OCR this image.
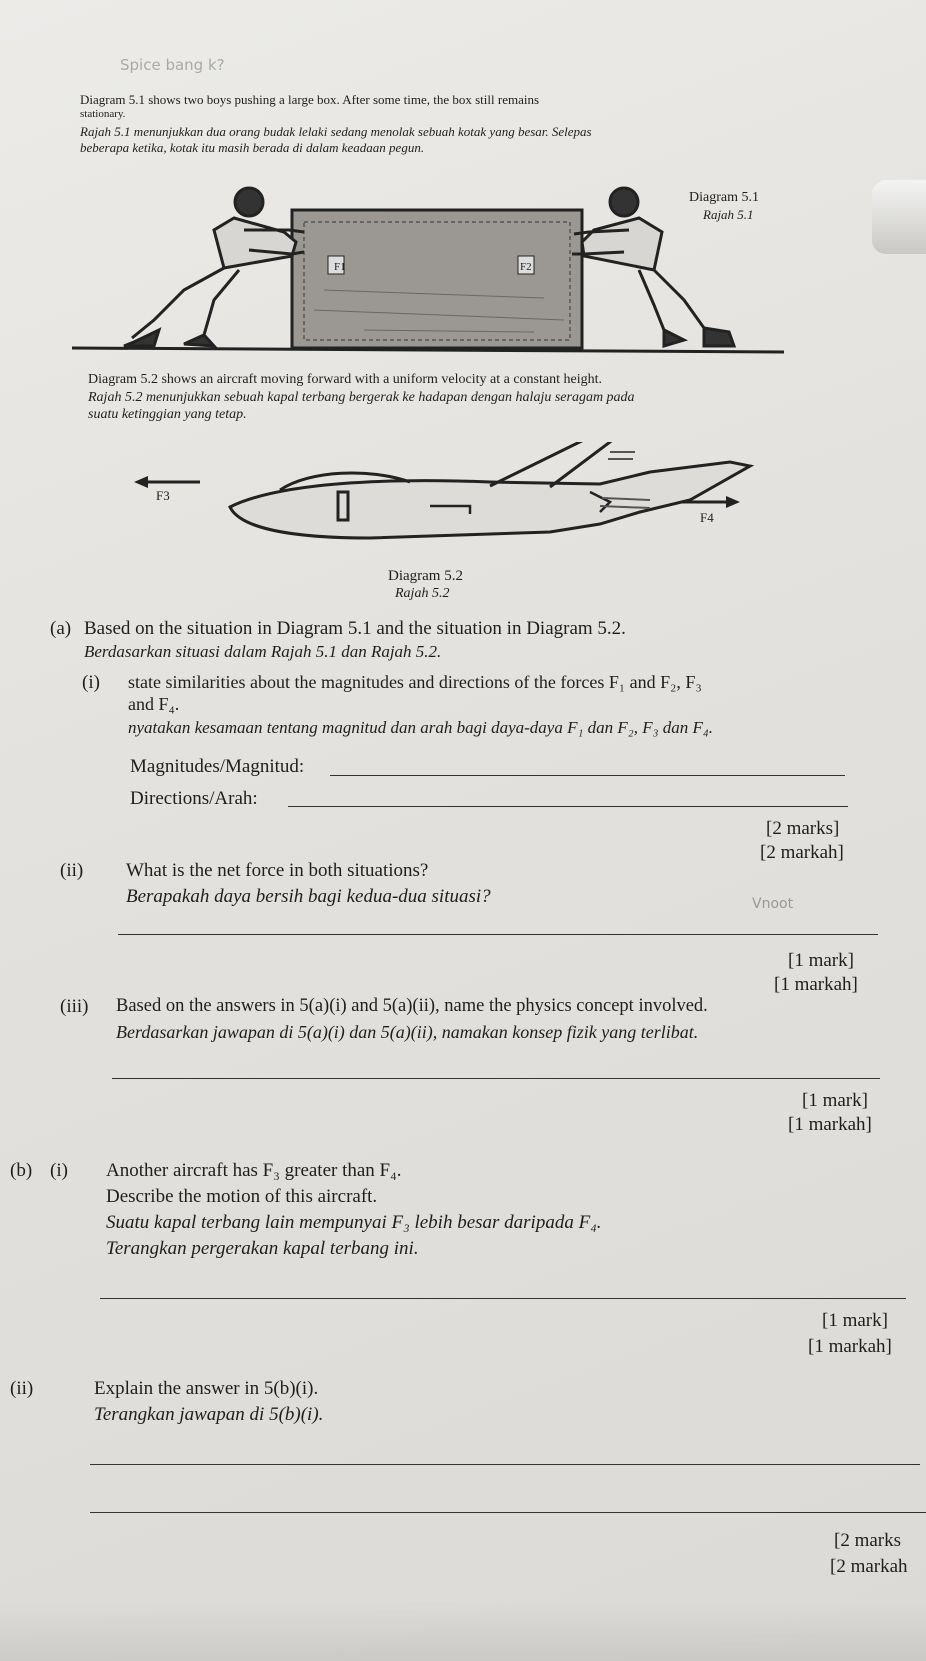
Spice bang k?
Diagram 5.1 shows two boys pushing a large box. After some time, the box still remains
stationary.
Rajah 5.1 menunjukkan dua orang budak lelaki sedang menolak sebuah kotak yang besar. Selepas
beberapa ketika, kotak itu masih berada di dalam keadaan pegun.
F1	F2
Diagram 5.1
Rajah 5.1
Diagram 5.2 shows an aircraft moving forward with a uniform velocity at a constant height.
Rajah 5.2 menunjukkan sebuah kapal terbang bergerak ke hadapan dengan halaju seragam pada
suatu ketinggian yang tetap.
F3
F4
Diagram 5.2
Rajah 5.2
(a) Based on the situation in Diagram 5.1 and the situation in Diagram 5.2.
Berdasarkan situasi dalam Rajah 5.1 dan Rajah 5.2.
(i) state similarities about the magnitudes and directions of the forces F₁ and F₂, F₃
and F₄.
nyatakan kesamaan tentang magnitud dan arah bagi daya-daya F₁ dan F₂, F₃ dan F₄.
Magnitudes/Magnitud:
Directions/Arah:
[2 marks]
[2 markah]
(ii) What is the net force in both situations?
Berapakah daya bersih bagi kedua-dua situasi?	Vnoot
[1 mark]
[1 markah]
(iii) Based on the answers in 5(a)(i) and 5(a)(ii), name the physics concept involved.
Berdasarkan jawapan di 5(a)(i) dan 5(a)(ii), namakan konsep fizik yang terlibat.
[1 mark]
[1 markah]
(b) (i) Another aircraft has F₃ greater than F₄.
Describe the motion of this aircraft.
Suatu kapal terbang lain mempunyai F₃ lebih besar daripada F₄.
Terangkan pergerakan kapal terbang ini.
[1 mark]
[1 markah]
(ii)	Explain the answer in 5(b)(i).
Terangkan jawapan di 5(b)(i).
[2 marks
[2 markah
